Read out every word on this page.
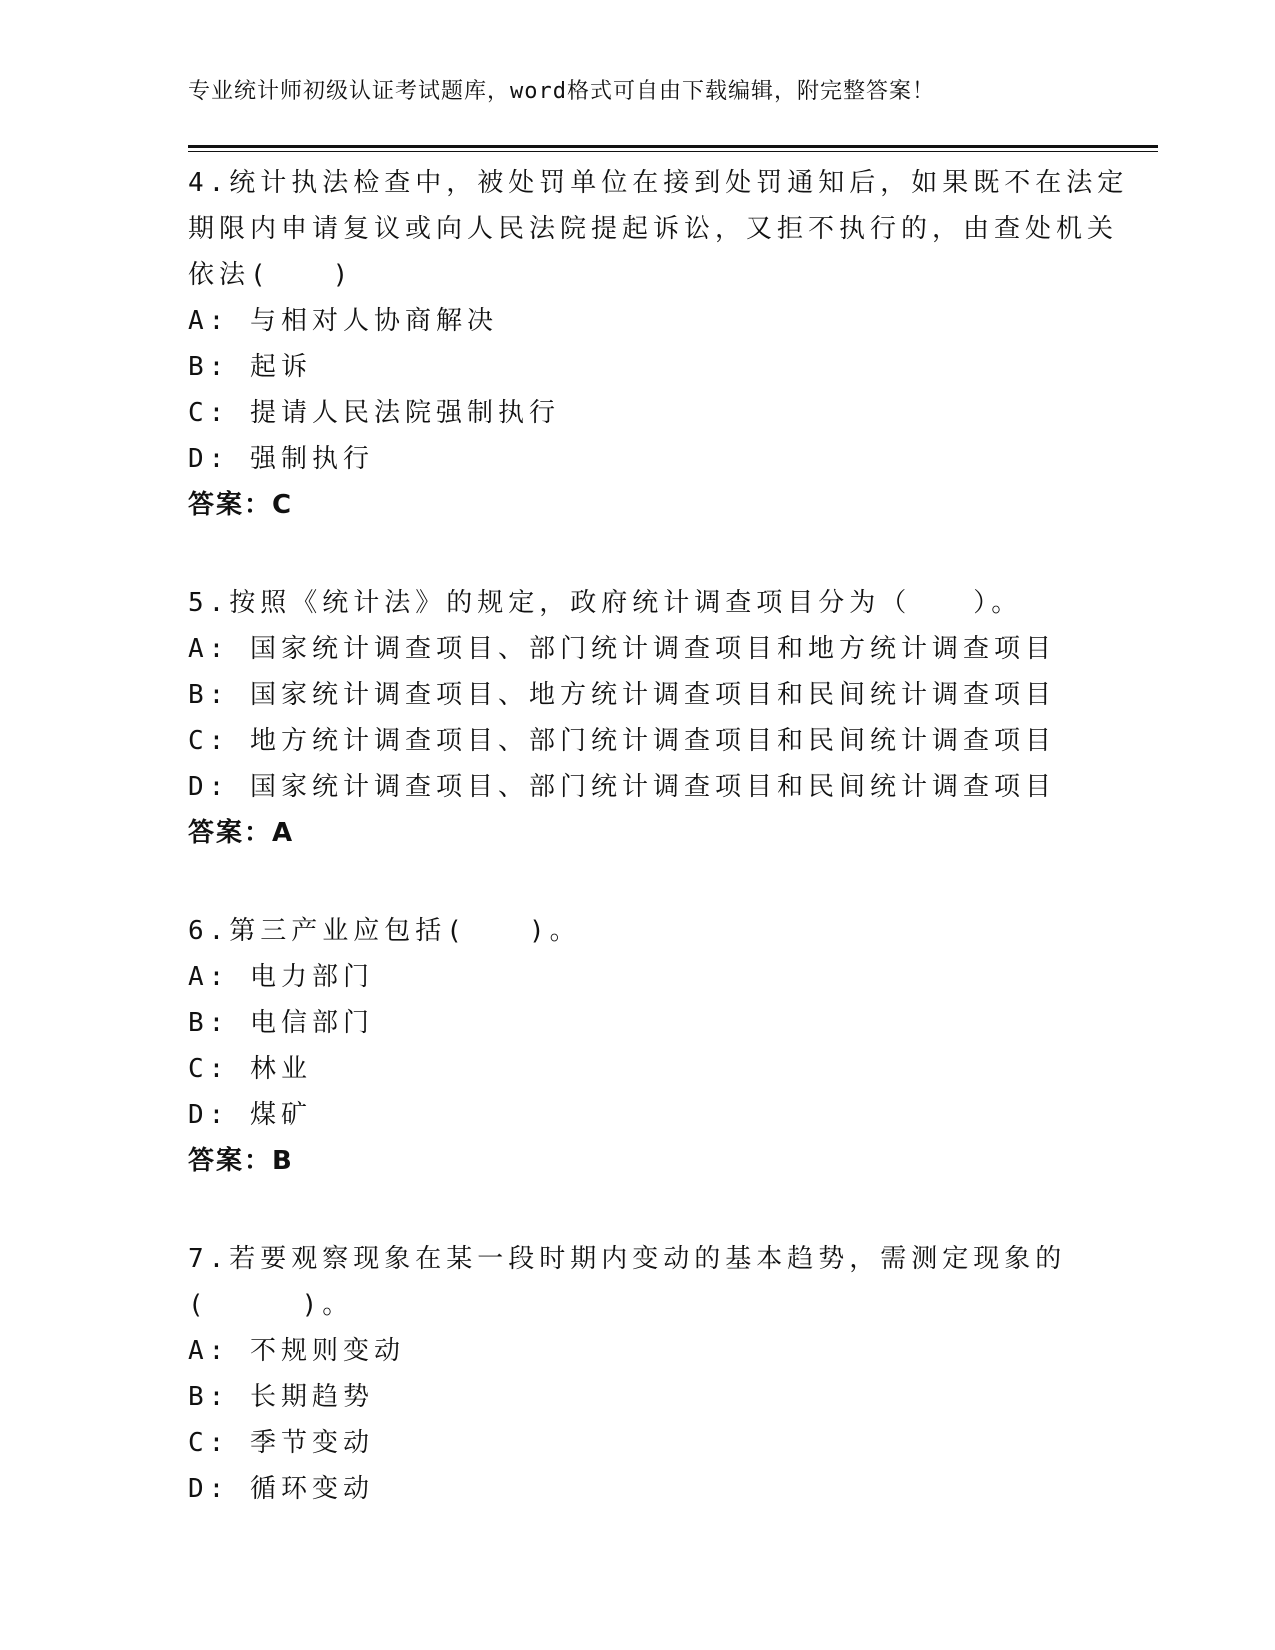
专业统计师初级认证考试题库，word格式可自由下载编辑，附完整答案！
4.统计执法检查中，被处罚单位在接到处罚通知后，如果既不在法定
期限内申请复议或向人民法院提起诉讼，又拒不执行的，由查处机关
依法(　　)
A: 与相对人协商解决
B: 起诉
C: 提请人民法院强制执行
D: 强制执行
答案：C
5.按照《统计法》的规定，政府统计调查项目分为（　　）。
A: 国家统计调查项目、部门统计调查项目和地方统计调查项目
B: 国家统计调查项目、地方统计调查项目和民间统计调查项目
C: 地方统计调查项目、部门统计调查项目和民间统计调查项目
D: 国家统计调查项目、部门统计调查项目和民间统计调查项目
答案：A
6.第三产业应包括(　　)。
A: 电力部门
B: 电信部门
C: 林业
D: 煤矿
答案：B
7.若要观察现象在某一段时期内变动的基本趋势，需测定现象的
(　　　)。
A: 不规则变动
B: 长期趋势
C: 季节变动
D: 循环变动
